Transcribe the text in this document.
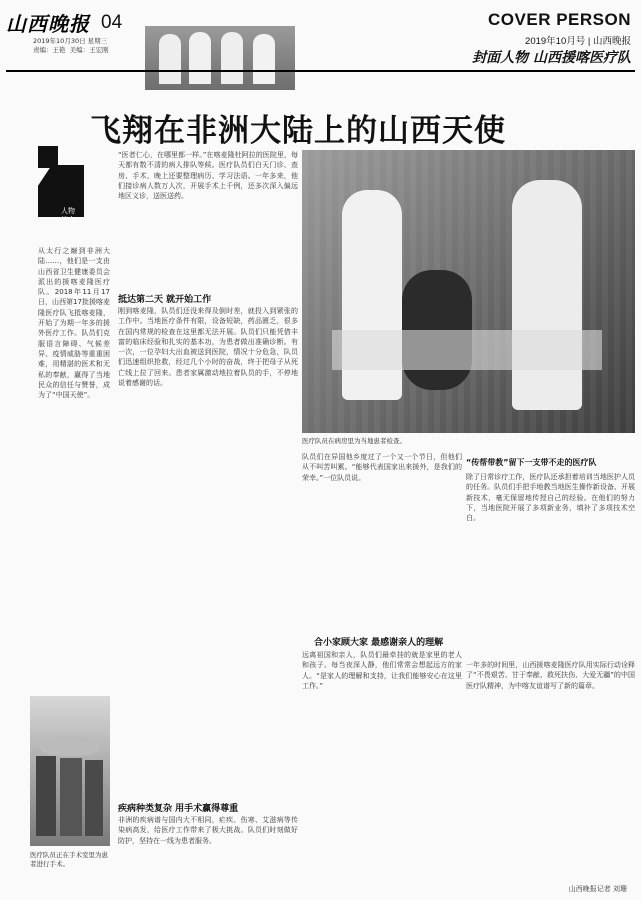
山西晚报 04
2019年10月30日 星期三
责编：王艳  美编：王宏刚
COVER PERSON
2019年10月号 | 山西晚报
封面人物 山西援喀医疗队
飞翔在非洲大陆上的山西天使
人物
简介
从太行之巅到非洲大陆……，他们是一支由山西省卫生健康委员会派出的援喀麦隆医疗队。2018年11月17日，山西第17批援喀麦隆医疗队飞抵喀麦隆，开始了为期一年多的援外医疗工作。队员们克服语言障碍、气候差异、疫情威胁等重重困难，用精湛的医术和无私的奉献，赢得了当地民众的信任与赞誉，成为了“中国天使”。
医疗队员正在手术室里为患者进行手术。
“医者仁心，在哪里都一样。”在喀麦隆杜阿拉的医院里，每天都有数不清的病人排队等候。医疗队员们白天门诊、查房、手术，晚上还要整理病历、学习法语。一年多来，他们接诊病人数万人次，开展手术上千例，还多次深入偏远地区义诊，送医送药。
抵达第二天 就开始工作
刚到喀麦隆，队员们还没来得及倒时差，就投入到紧张的工作中。当地医疗条件有限，设备短缺，药品匮乏，很多在国内常规的检查在这里都无法开展。队员们只能凭借丰富的临床经验和扎实的基本功，为患者做出准确诊断。有一次，一位孕妇大出血被送到医院，情况十分危急，队员们迅速组织抢救，经过几个小时的奋战，终于把母子从死亡线上拉了回来。患者家属激动地拉着队员的手，不停地说着感谢的话。
疾病种类复杂 用手术赢得尊重
非洲的疾病谱与国内大不相同，疟疾、伤寒、艾滋病等传染病高发，给医疗工作带来了极大挑战。队员们时刻做好防护，坚持在一线为患者服务。
医疗队员在病房里为当地患者检查。
队员们在异国他乡度过了一个又一个节日，但他们从不叫苦叫累。“能够代表国家出来援外，是我们的荣幸。”一位队员说。
“传帮带教”留下一支带不走的医疗队
除了日常诊疗工作，医疗队还承担着培训当地医护人员的任务。队员们手把手地教当地医生操作新设备、开展新技术，毫无保留地传授自己的经验。在他们的努力下，当地医院开展了多项新业务，填补了多项技术空白。
合小家顾大家 最感谢亲人的理解
远离祖国和亲人，队员们最牵挂的就是家里的老人和孩子。每当夜深人静，他们常常会想起远方的家人。“是家人的理解和支持，让我们能够安心在这里工作。”
一年多的时间里，山西援喀麦隆医疗队用实际行动诠释了“不畏艰苦、甘于奉献、救死扶伤、大爱无疆”的中国医疗队精神，为中喀友谊谱写了新的篇章。
山西晚报记者 刘珊
